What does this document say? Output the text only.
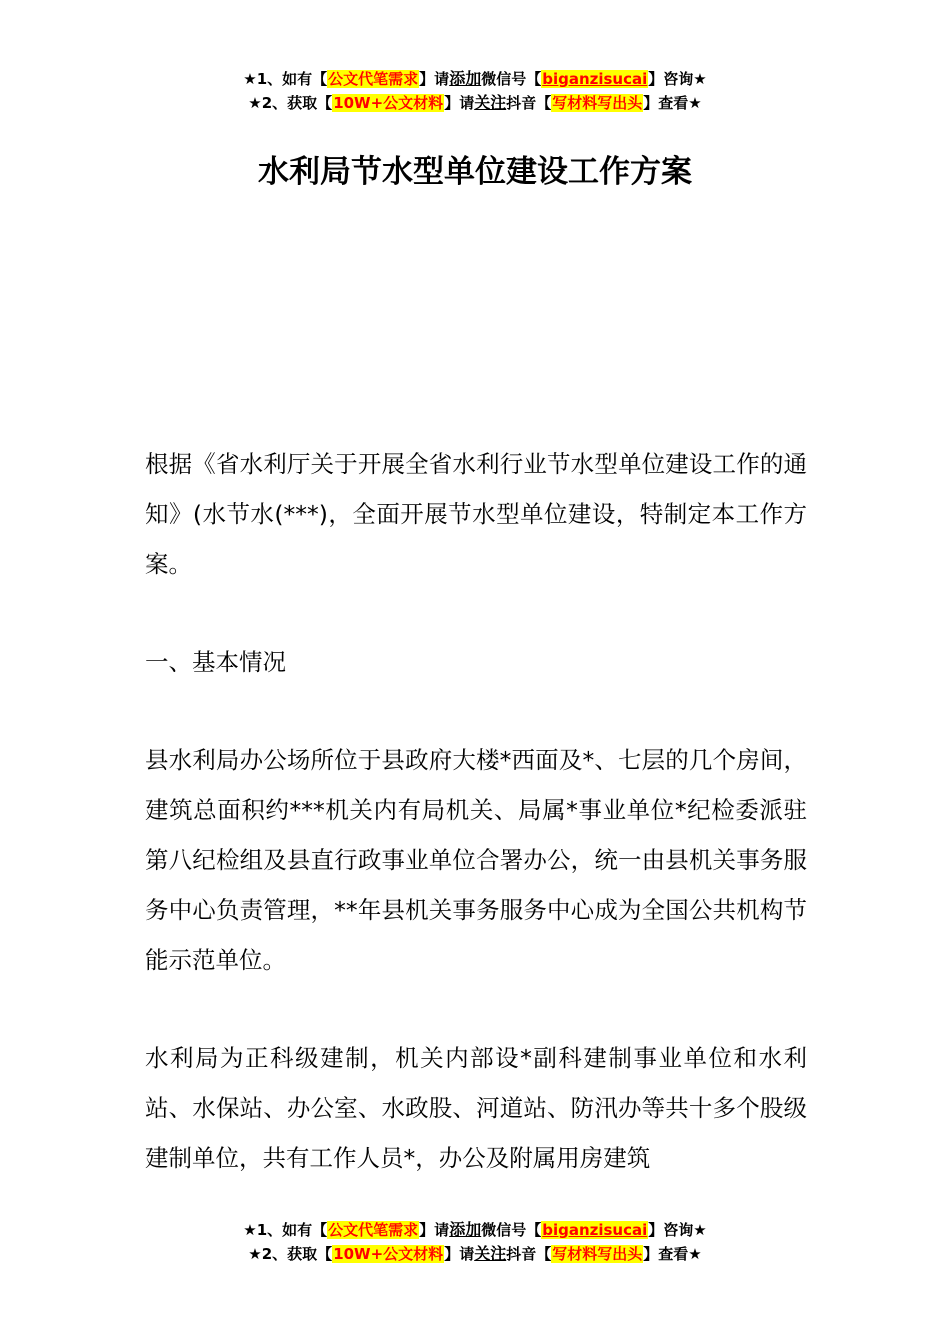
★1、如有【公文代笔需求】请添加微信号【biganzisucai】咨询★
★2、获取【10W+公文材料】请关注抖音【写材料写出头】查看★
水利局节水型单位建设工作方案

根据《省水利厅关于开展全省水利行业节水型单位建设工作的通知》(水节水(***)，全面开展节水型单位建设，特制定本工作方案。

一、基本情况

县水利局办公场所位于县政府大楼*西面及*、七层的几个房间，建筑总面积约***机关内有局机关、局属*事业单位*纪检委派驻第八纪检组及县直行政事业单位合署办公，统一由县机关事务服务中心负责管理，**年县机关事务服务中心成为全国公共机构节能示范单位。

水利局为正科级建制，机关内部设*副科建制事业单位和水利站、水保站、办公室、水政股、河道站、防汛办等共十多个股级建制单位，共有工作人员*，办公及附属用房建筑

★1、如有【公文代笔需求】请添加微信号【biganzisucai】咨询★
★2、获取【10W+公文材料】请关注抖音【写材料写出头】查看★
